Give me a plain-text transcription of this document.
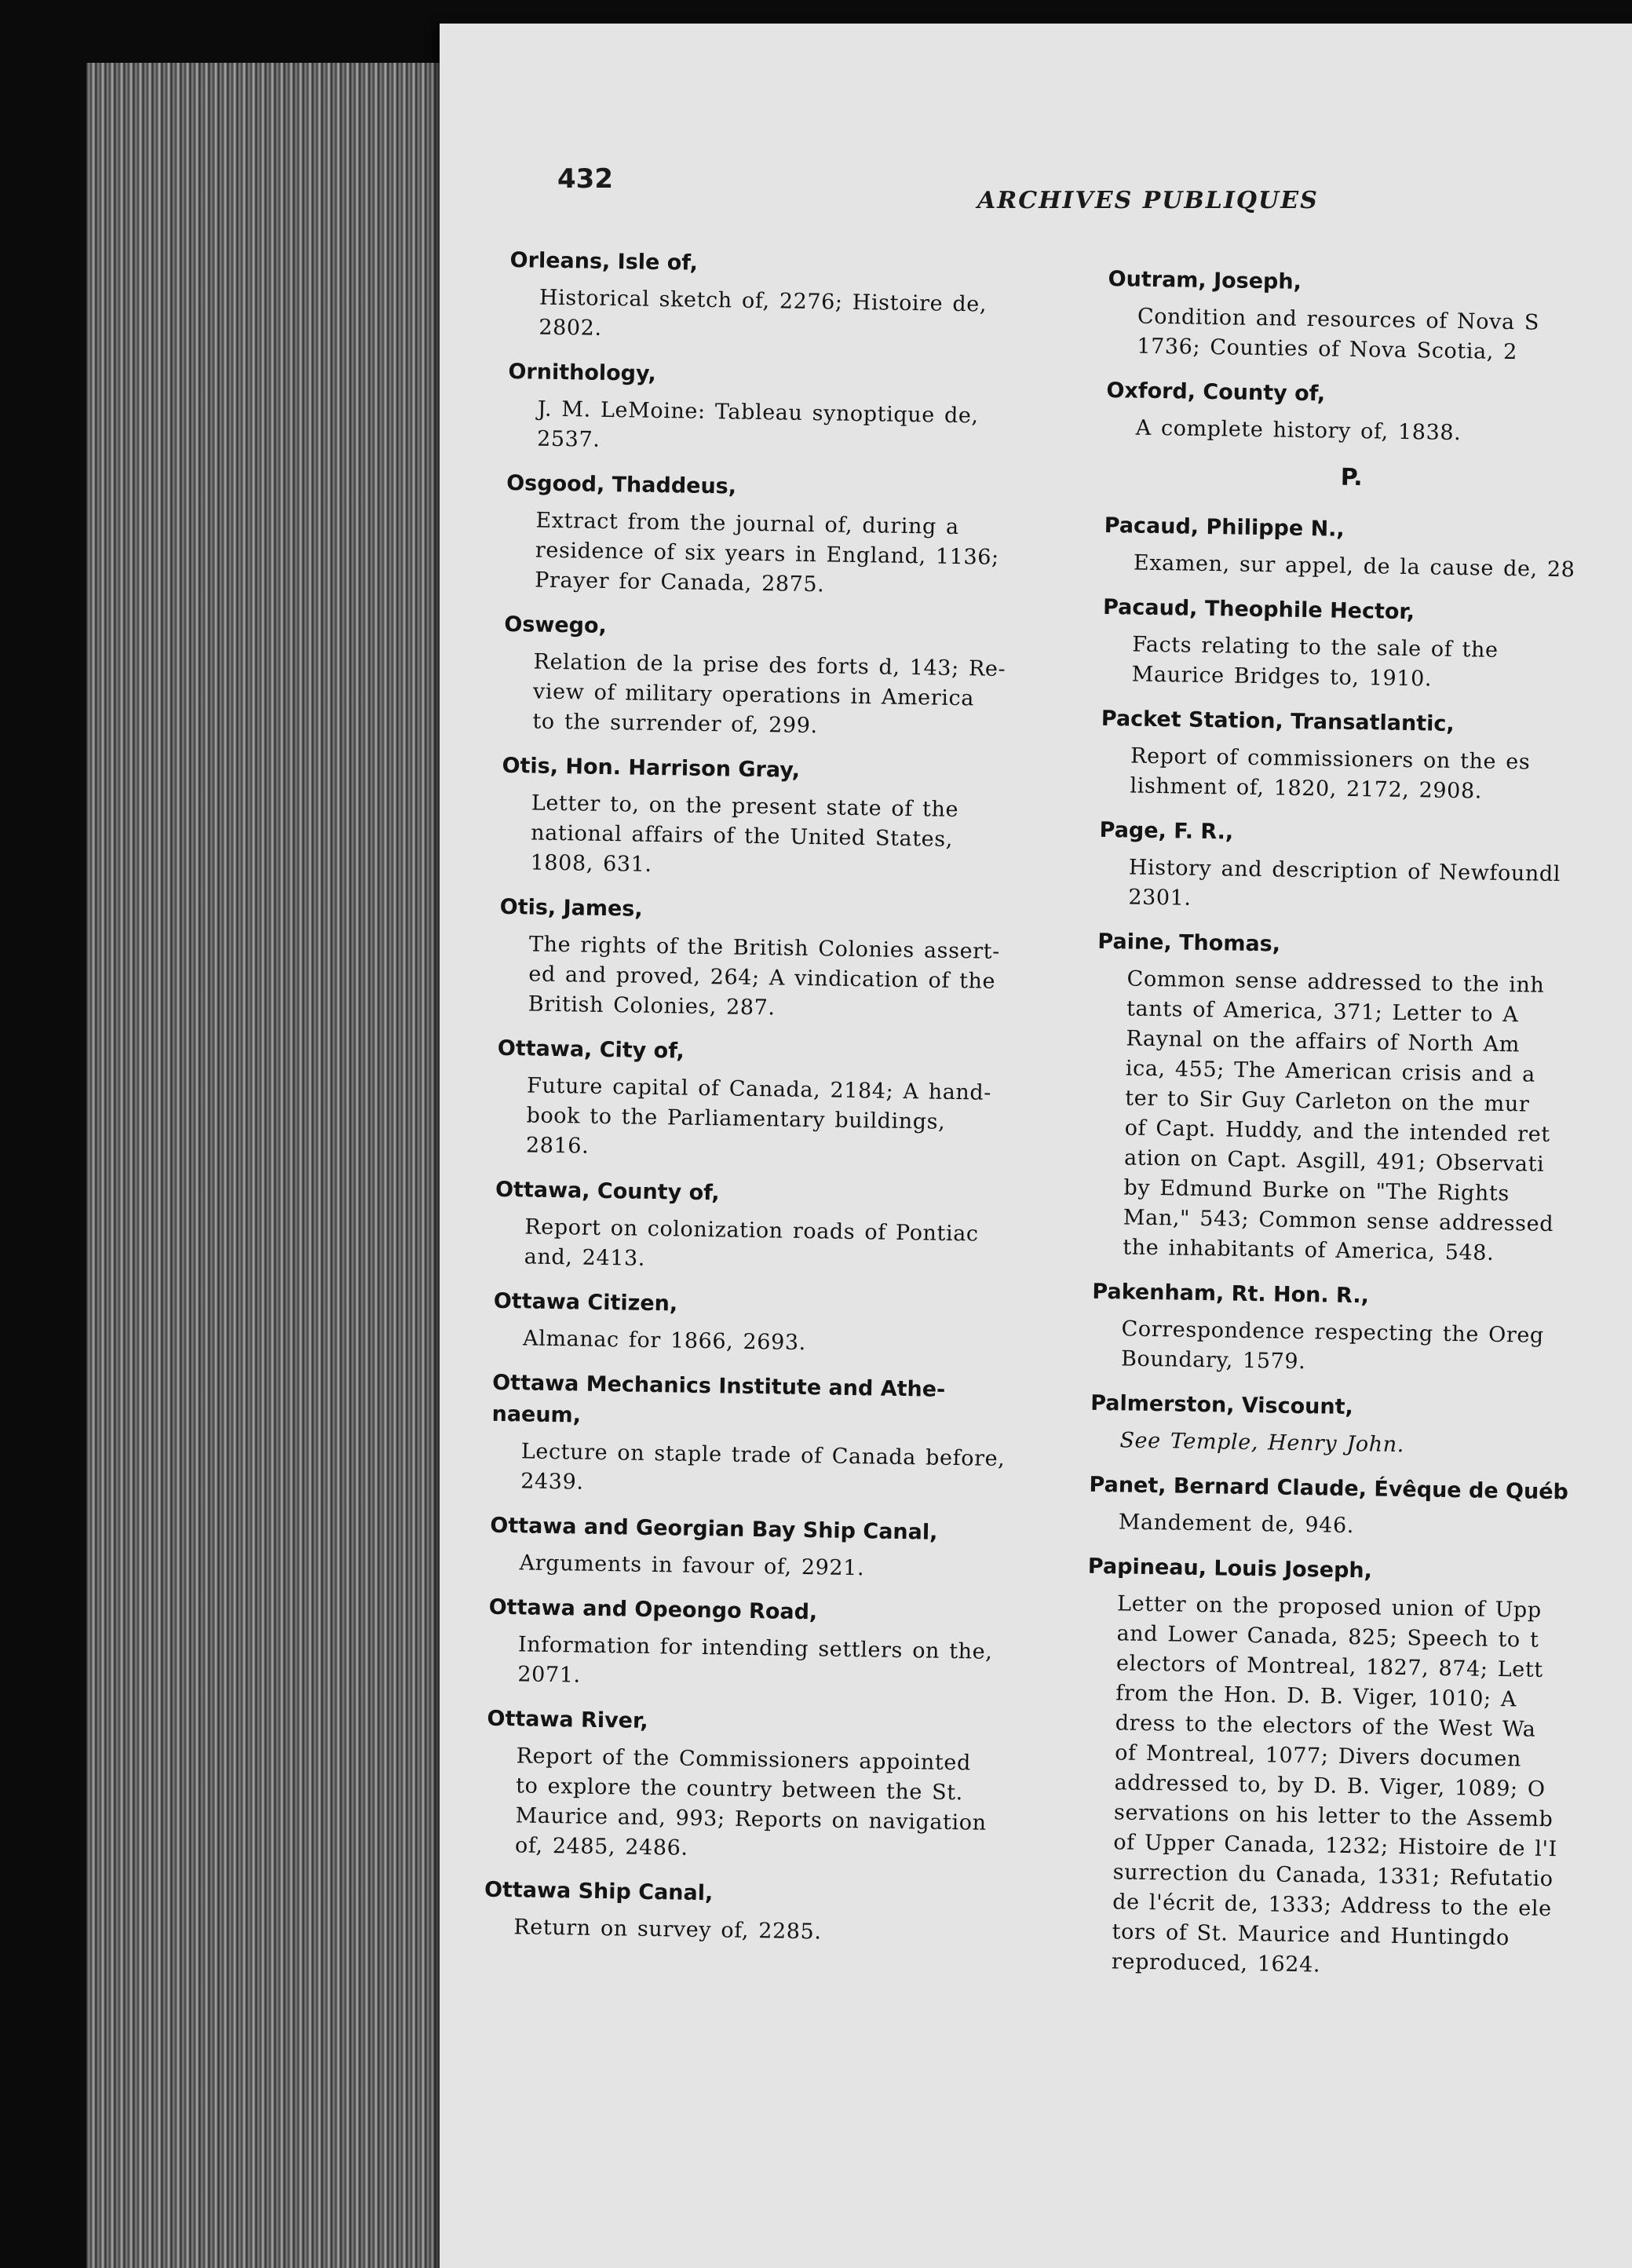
432
ARCHIVES PUBLIQUES
Orleans, Isle of,
Historical sketch of, 2276; Histoire de,
2802.
Ornithology,
J. M. LeMoine: Tableau synoptique de,
2537.
Osgood, Thaddeus,
Extract from the journal of, during a
residence of six years in England, 1136;
Prayer for Canada, 2875.
Oswego,
Relation de la prise des forts d, 143; Re-
view of military operations in America
to the surrender of, 299.
Otis, Hon. Harrison Gray,
Letter to, on the present state of the
national affairs of the United States,
1808, 631.
Otis, James,
The rights of the British Colonies assert-
ed and proved, 264; A vindication of the
British Colonies, 287.
Ottawa, City of,
Future capital of Canada, 2184; A hand-
book to the Parliamentary buildings,
2816.
Ottawa, County of,
Report on colonization roads of Pontiac
and, 2413.
Ottawa Citizen,
Almanac for 1866, 2693.
Ottawa Mechanics Institute and Athe-
naeum,
Lecture on staple trade of Canada before,
2439.
Ottawa and Georgian Bay Ship Canal,
Arguments in favour of, 2921.
Ottawa and Opeongo Road,
Information for intending settlers on the,
2071.
Ottawa River,
Report of the Commissioners appointed
to explore the country between the St.
Maurice and, 993; Reports on navigation
of, 2485, 2486.
Ottawa Ship Canal,
Return on survey of, 2285.
Outram, Joseph,
Condition and resources of Nova S
1736; Counties of Nova Scotia, 2
Oxford, County of,
A complete history of, 1838.
P.
Pacaud, Philippe N.,
Examen, sur appel, de la cause de, 28
Pacaud, Theophile Hector,
Facts relating to the sale of the
Maurice Bridges to, 1910.
Packet Station, Transatlantic,
Report of commissioners on the es
lishment of, 1820, 2172, 2908.
Page, F. R.,
History and description of Newfoundl
2301.
Paine, Thomas,
Common sense addressed to the inh
tants of America, 371; Letter to A
Raynal on the affairs of North Am
ica, 455; The American crisis and a
ter to Sir Guy Carleton on the mur
of Capt. Huddy, and the intended ret
ation on Capt. Asgill, 491; Observati
by Edmund Burke on "The Rights
Man," 543; Common sense addressed
the inhabitants of America, 548.
Pakenham, Rt. Hon. R.,
Correspondence respecting the Oreg
Boundary, 1579.
Palmerston, Viscount,
See Temple, Henry John.
Panet, Bernard Claude, Évêque de Québ
Mandement de, 946.
Papineau, Louis Joseph,
Letter on the proposed union of Upp
and Lower Canada, 825; Speech to t
electors of Montreal, 1827, 874; Lett
from the Hon. D. B. Viger, 1010; A
dress to the electors of the West Wa
of Montreal, 1077; Divers documen
addressed to, by D. B. Viger, 1089; O
servations on his letter to the Assemb
of Upper Canada, 1232; Histoire de l'I
surrection du Canada, 1331; Refutatio
de l'écrit de, 1333; Address to the ele
tors of St. Maurice and Huntingdo
reproduced, 1624.
